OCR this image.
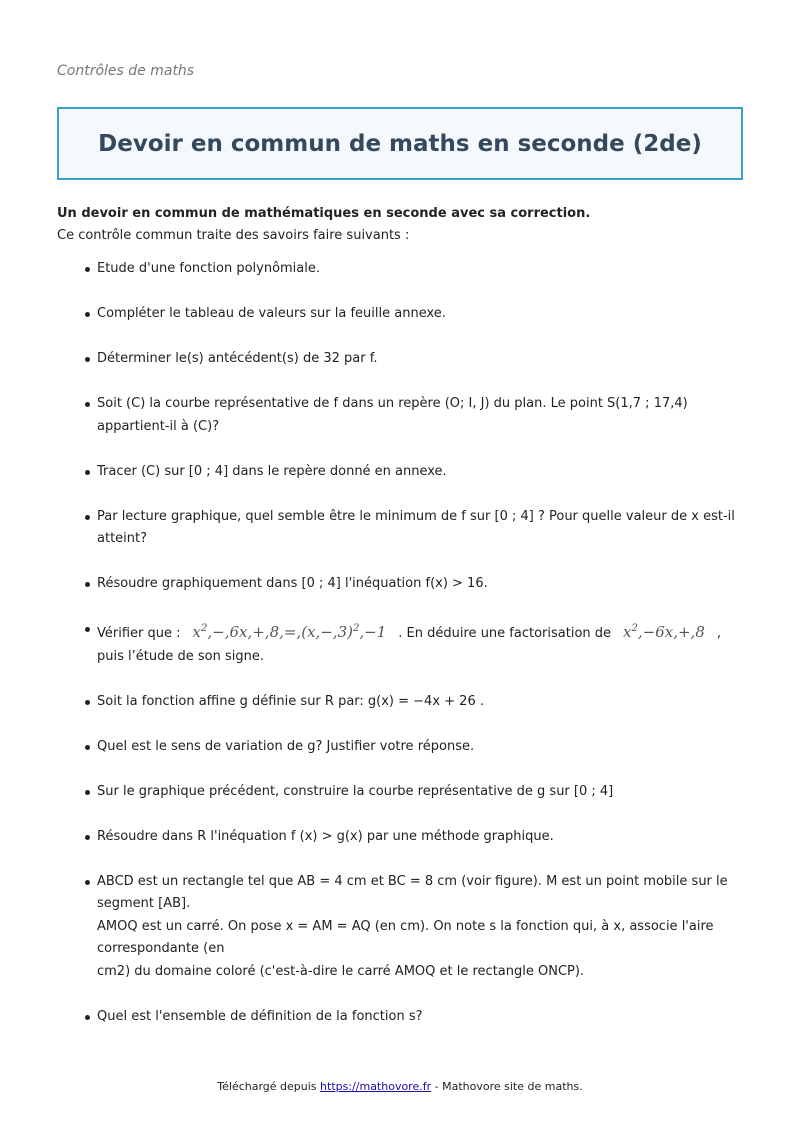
Contrôles de maths
Devoir en commun de maths en seconde (2de)
Un devoir en commun de mathématiques en seconde avec sa correction.
Ce contrôle commun traite des savoirs faire suivants :
Etude d'une fonction polynômiale.
Compléter le tableau de valeurs sur la feuille annexe.
Déterminer le(s) antécédent(s) de 32 par f.
Soit (C) la courbe représentative de f dans un repère (O; I, J) du plan. Le point S(1,7 ; 17,4)
appartient-il à (C)?
Tracer (C) sur [0 ; 4] dans le repère donné en annexe.
Par lecture graphique, quel semble être le minimum de f sur [0 ; 4] ? Pour quelle valeur de x est-il
atteint?
Résoudre graphiquement dans [0 ; 4] l'inéquation f(x) > 16.
Vérifier que : $x^2,-,6x,+,8,=,(x,-,3)^2,-1$ . En déduire une factorisation de $x^2,-6x,+,8$ ,
puis l’étude de son signe.
Soit la fonction affine g définie sur R par: g(x) = −4x + 26 .
Quel est le sens de variation de g? Justifier votre réponse.
Sur le graphique précédent, construire la courbe représentative de g sur [0 ; 4]
Résoudre dans R l'inéquation f (x) > g(x) par une méthode graphique.
ABCD est un rectangle tel que AB = 4 cm et BC = 8 cm (voir figure). M est un point mobile sur le
segment [AB].
AMOQ est un carré. On pose x = AM = AQ (en cm). On note s la fonction qui, à x, associe l'aire
correspondante (en
cm2) du domaine coloré (c'est-à-dire le carré AMOQ et le rectangle ONCP).
Quel est l'ensemble de définition de la fonction s?
Téléchargé depuis https://mathovore.fr - Mathovore site de maths.
